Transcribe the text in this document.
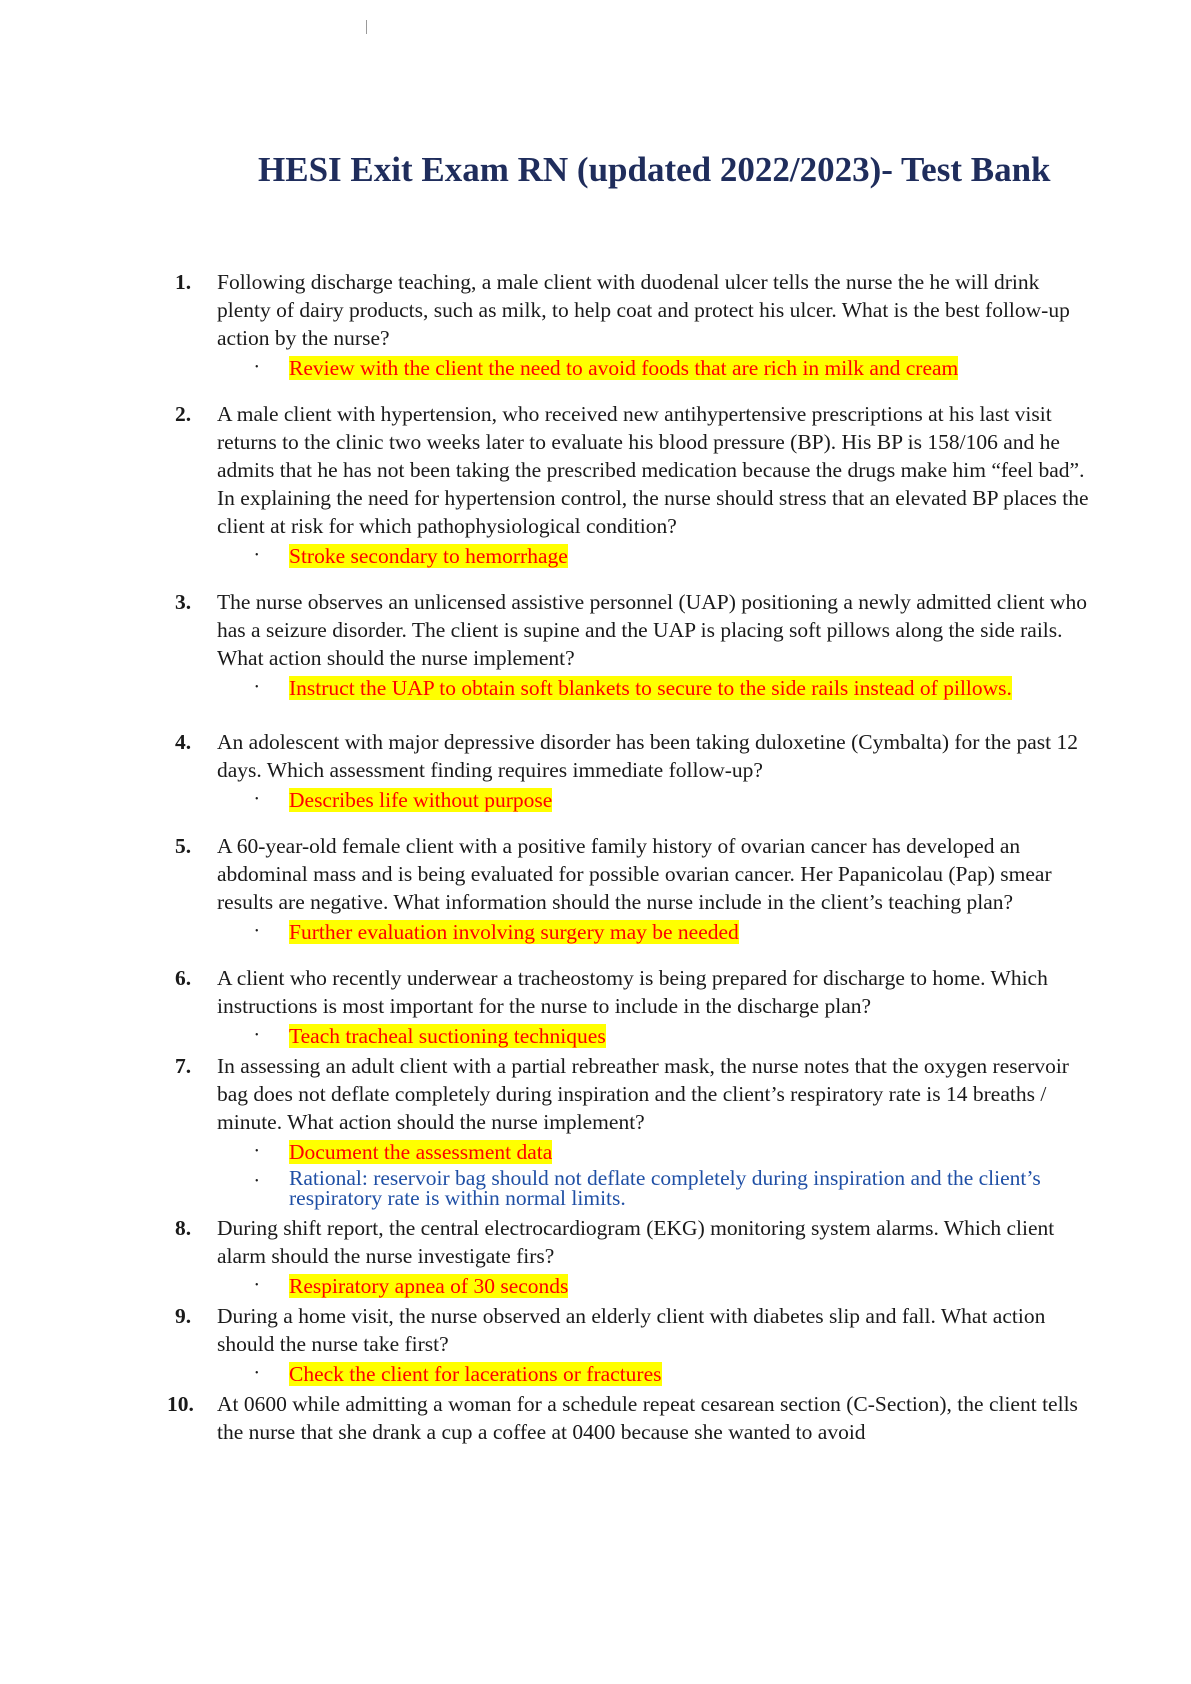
HESI Exit Exam RN (updated 2022/2023)- Test Bank
1. Following discharge teaching, a male client with duodenal ulcer tells the nurse the he will drink plenty of dairy products, such as milk, to help coat and protect his ulcer. What is the best follow-up action by the nurse?
• Review with the client the need to avoid foods that are rich in milk and cream
2. A male client with hypertension, who received new antihypertensive prescriptions at his last visit returns to the clinic two weeks later to evaluate his blood pressure (BP). His BP is 158/106 and he admits that he has not been taking the prescribed medication because the drugs make him “feel bad”. In explaining the need for hypertension control, the nurse should stress that an elevated BP places the client at risk for which pathophysiological condition?
• Stroke secondary to hemorrhage
3. The nurse observes an unlicensed assistive personnel (UAP) positioning a newly admitted client who has a seizure disorder. The client is supine and the UAP is placing soft pillows along the side rails. What action should the nurse implement?
• Instruct the UAP to obtain soft blankets to secure to the side rails instead of pillows.
4. An adolescent with major depressive disorder has been taking duloxetine (Cymbalta) for the past 12 days. Which assessment finding requires immediate follow-up?
• Describes life without purpose
5. A 60-year-old female client with a positive family history of ovarian cancer has developed an abdominal mass and is being evaluated for possible ovarian cancer. Her Papanicolau (Pap) smear results are negative. What information should the nurse include in the client’s teaching plan?
• Further evaluation involving surgery may be needed
6. A client who recently underwear a tracheostomy is being prepared for discharge to home. Which instructions is most important for the nurse to include in the discharge plan?
• Teach tracheal suctioning techniques
7. In assessing an adult client with a partial rebreather mask, the nurse notes that the oxygen reservoir bag does not deflate completely during inspiration and the client’s respiratory rate is 14 breaths / minute. What action should the nurse implement?
• Document the assessment data
• Rational: reservoir bag should not deflate completely during inspiration and the client’s respiratory rate is within normal limits.
8. During shift report, the central electrocardiogram (EKG) monitoring system alarms. Which client alarm should the nurse investigate firs?
• Respiratory apnea of 30 seconds
9. During a home visit, the nurse observed an elderly client with diabetes slip and fall. What action should the nurse take first?
• Check the client for lacerations or fractures
10. At 0600 while admitting a woman for a schedule repeat cesarean section (C-Section), the client tells the nurse that she drank a cup a coffee at 0400 because she wanted to avoid
